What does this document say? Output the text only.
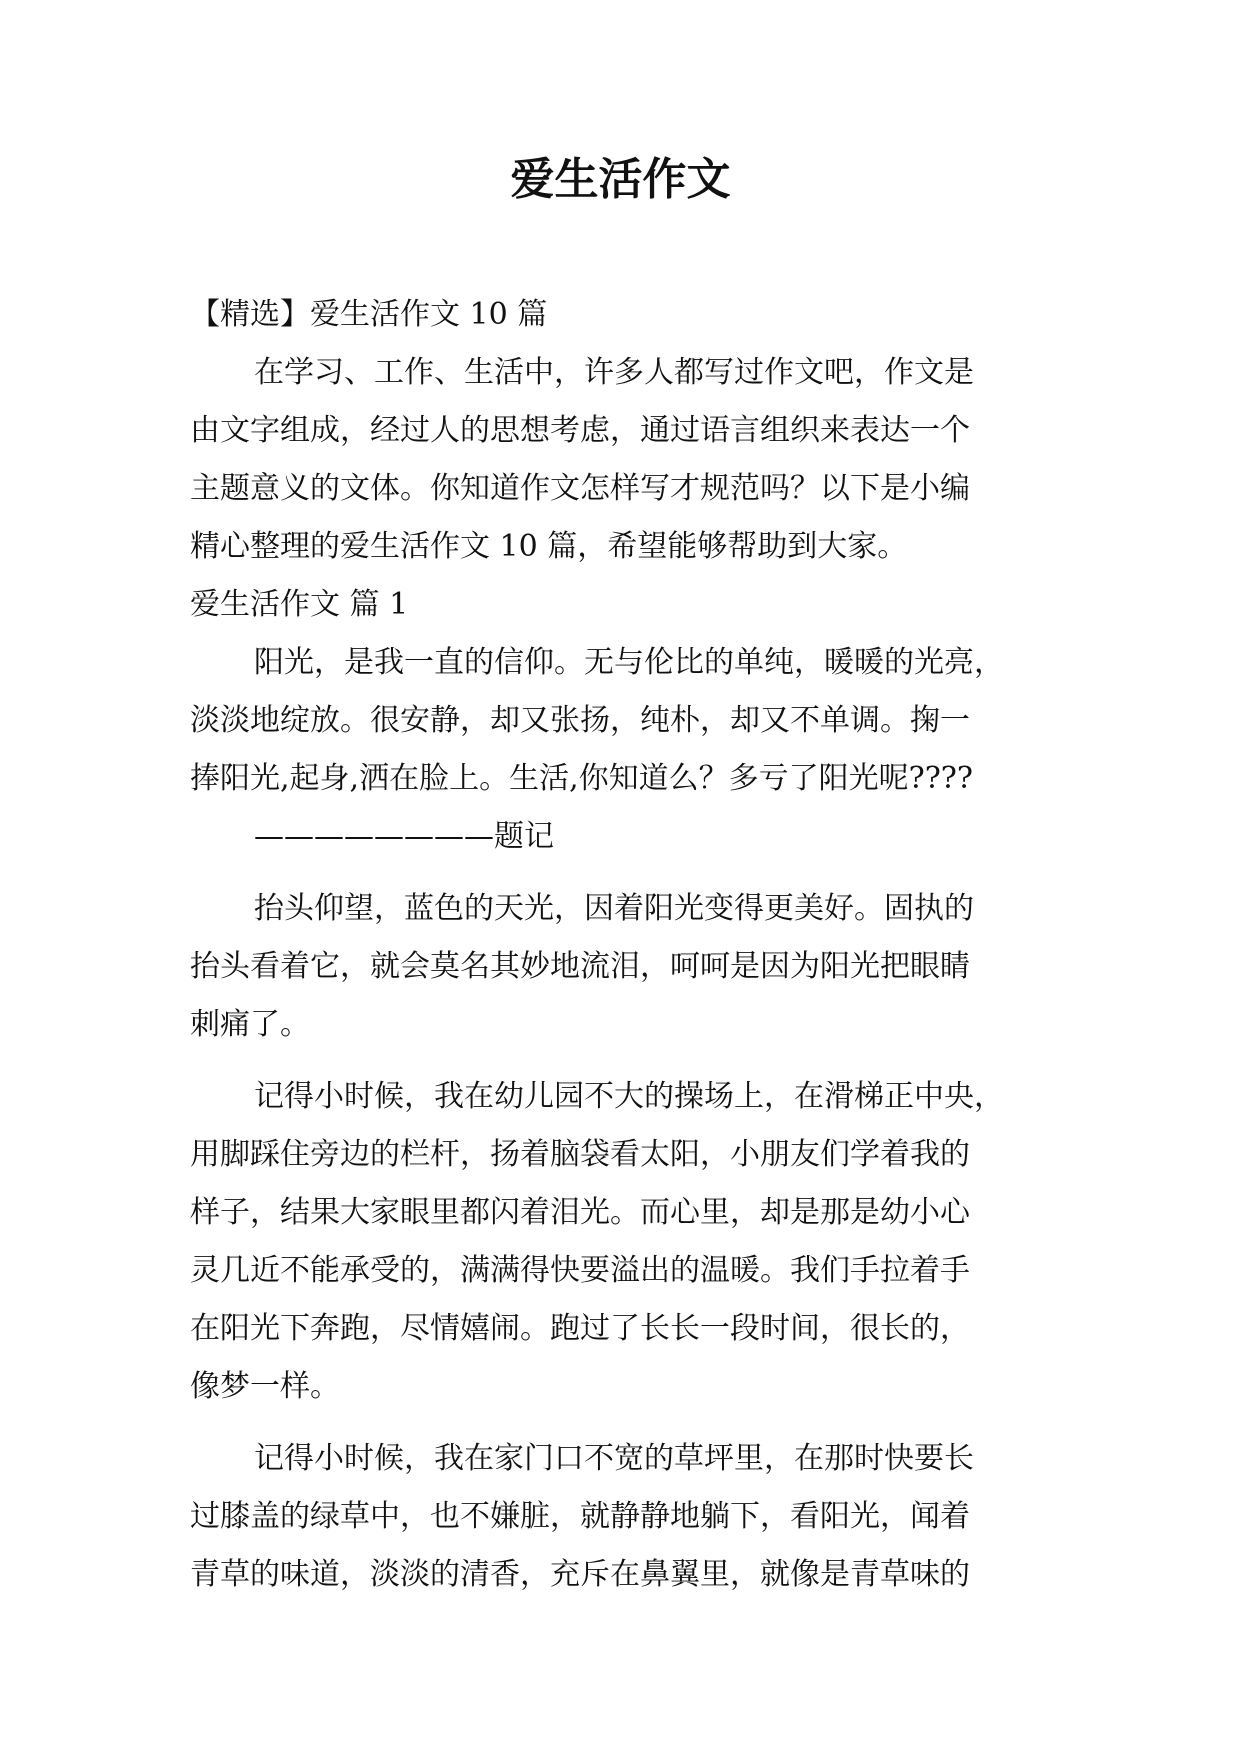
爱生活作文
【精选】爱生活作文 10 篇
在学习、工作、生活中，许多人都写过作文吧，作文是
由文字组成，经过人的思想考虑，通过语言组织来表达一个
主题意义的文体。你知道作文怎样写才规范吗？以下是小编
精心整理的爱生活作文 10 篇，希望能够帮助到大家。
爱生活作文 篇 1
阳光，是我一直的信仰。无与伦比的单纯，暖暖的光亮，
淡淡地绽放。很安静，却又张扬，纯朴，却又不单调。掬一
捧阳光,起身,洒在脸上。生活,你知道么？多亏了阳光呢????
————————题记
抬头仰望，蓝色的天光，因着阳光变得更美好。固执的
抬头看着它，就会莫名其妙地流泪，呵呵是因为阳光把眼睛
刺痛了。
记得小时候，我在幼儿园不大的操场上，在滑梯正中央，
用脚踩住旁边的栏杆，扬着脑袋看太阳，小朋友们学着我的
样子，结果大家眼里都闪着泪光。而心里，却是那是幼小心
灵几近不能承受的，满满得快要溢出的温暖。我们手拉着手
在阳光下奔跑，尽情嬉闹。跑过了长长一段时间，很长的，
像梦一样。
记得小时候，我在家门口不宽的草坪里，在那时快要长
过膝盖的绿草中，也不嫌脏，就静静地躺下，看阳光，闻着
青草的味道，淡淡的清香，充斥在鼻翼里，就像是青草味的
